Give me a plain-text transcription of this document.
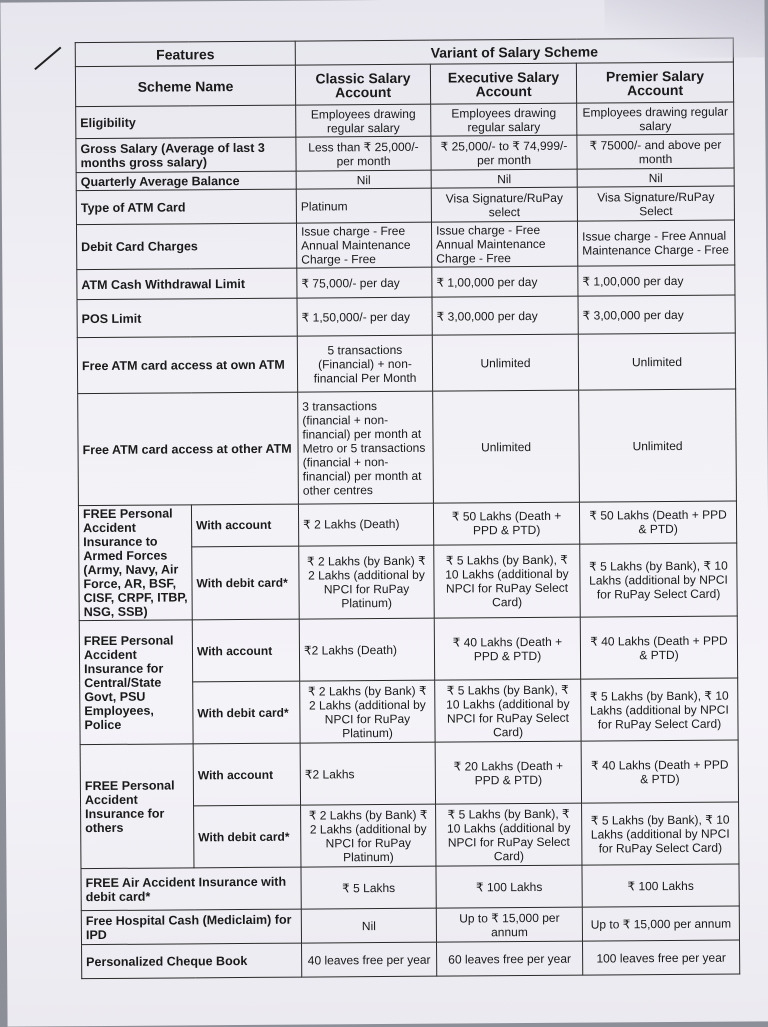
Features		Variant of Salary Scheme		
Scheme Name		Classic Salary Account	Executive Salary Account	Premier Salary Account
Eligibility		Employees drawing regular salary	Employees drawing regular salary	Employees drawing regular salary
Gross Salary (Average of last 3 months gross salary)		Less than ₹ 25,000/- per month	₹ 25,000/- to ₹ 74,999/- per month	₹ 75000/- and above per month
Quarterly Average Balance		Nil	Nil	Nil
Type of ATM Card		Platinum	Visa Signature/RuPay select	Visa Signature/RuPay Select
Debit Card Charges		Issue charge - Free Annual Maintenance Charge - Free	Issue charge - Free Annual Maintenance Charge - Free	Issue charge - Free Annual Maintenance Charge - Free
ATM Cash Withdrawal Limit		₹ 75,000/- per day	₹ 1,00,000 per day	₹ 1,00,000 per day
POS Limit		₹ 1,50,000/- per day	₹ 3,00,000 per day	₹ 3,00,000 per day
Free ATM card access at own ATM		5 transactions (Financial) + non-financial Per Month	Unlimited	Unlimited
Free ATM card access at other ATM		3 transactions (financial + non-financial) per month at Metro or 5 transactions (financial + non-financial) per month at other centres	Unlimited	Unlimited
FREE Personal Accident Insurance to Armed Forces (Army, Navy, Air Force, AR, BSF, CISF, CRPF, ITBP, NSG, SSB)	With account	₹ 2 Lakhs (Death)	₹ 50 Lakhs (Death + PPD & PTD)	₹ 50 Lakhs (Death + PPD & PTD)
	With debit card*	₹ 2 Lakhs (by Bank) ₹ 2 Lakhs (additional by NPCI for RuPay Platinum)	₹ 5 Lakhs (by Bank), ₹ 10 Lakhs (additional by NPCI for RuPay Select Card)	₹ 5 Lakhs (by Bank), ₹ 10 Lakhs (additional by NPCI for RuPay Select Card)
FREE Personal Accident Insurance for Central/State Govt, PSU Employees, Police	With account	₹2 Lakhs (Death)	₹ 40 Lakhs (Death + PPD & PTD)	₹ 40 Lakhs (Death + PPD & PTD)
	With debit card*	₹ 2 Lakhs (by Bank) ₹ 2 Lakhs (additional by NPCI for RuPay Platinum)	₹ 5 Lakhs (by Bank), ₹ 10 Lakhs (additional by NPCI for RuPay Select Card)	₹ 5 Lakhs (by Bank), ₹ 10 Lakhs (additional by NPCI for RuPay Select Card)
FREE Personal Accident Insurance for others	With account	₹2 Lakhs	₹ 20 Lakhs (Death + PPD & PTD)	₹ 40 Lakhs (Death + PPD & PTD)
	With debit card*	₹ 2 Lakhs (by Bank) ₹ 2 Lakhs (additional by NPCI for RuPay Platinum)	₹ 5 Lakhs (by Bank), ₹ 10 Lakhs (additional by NPCI for RuPay Select Card)	₹ 5 Lakhs (by Bank), ₹ 10 Lakhs (additional by NPCI for RuPay Select Card)
FREE Air Accident Insurance with debit card*		₹ 5 Lakhs	₹ 100 Lakhs	₹ 100 Lakhs
Free Hospital Cash (Mediclaim) for IPD		Nil	Up to ₹ 15,000 per annum	Up to ₹ 15,000 per annum
Personalized Cheque Book		40 leaves free per year	60 leaves free per year	100 leaves free per year
